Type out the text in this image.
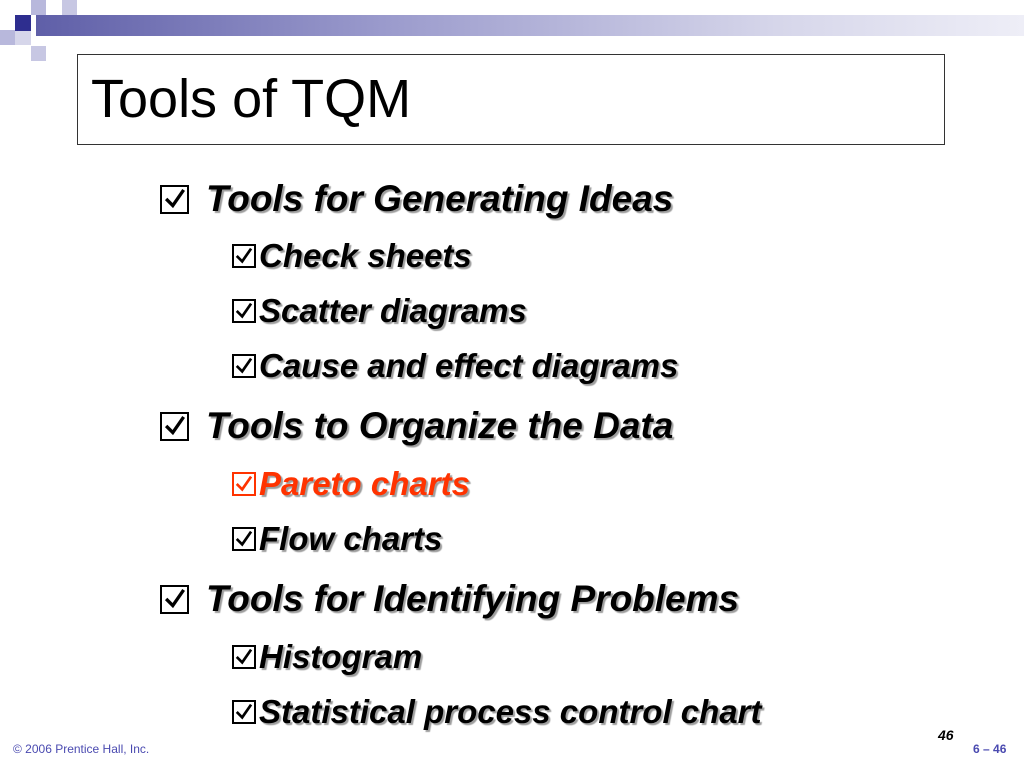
Tools of TQM
Tools for Generating Ideas
Check sheets
Scatter diagrams
Cause and effect diagrams
Tools to Organize the Data
Pareto charts
Flow charts
Tools for Identifying Problems
Histogram
Statistical process control chart
© 2006 Prentice Hall, Inc.
46
6 – 46
